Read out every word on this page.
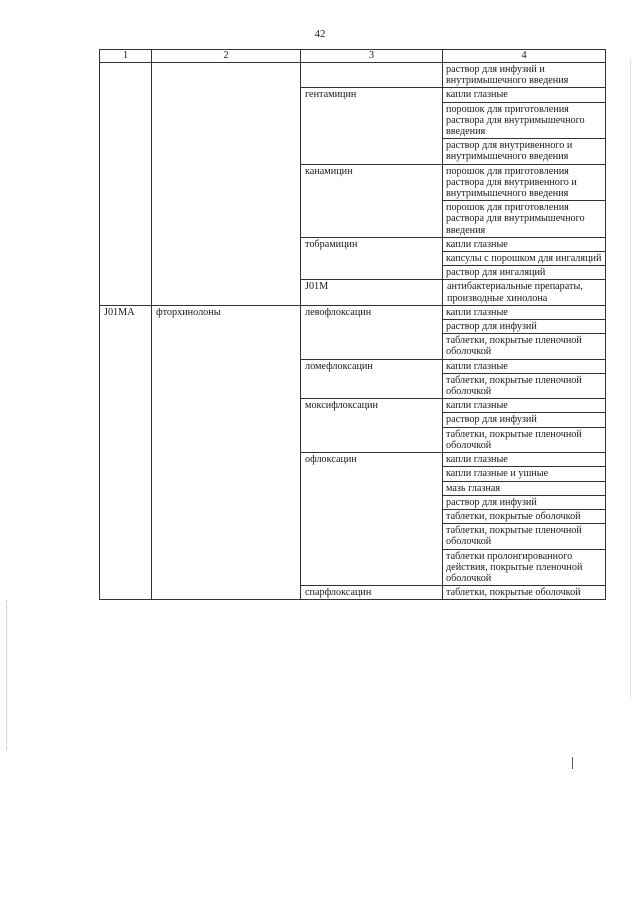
42
1	2	3	4	
			раствор для инфузий и внутримышечного введения	
		гентамицин	капли глазные	
			порошок для приготовления раствора для внутримышечного введения	
			раствор для внутривенного и внутримышечного введения	
		канамицин	порошок для приготовления раствора для внутривенного и внутримышечного введения	
			порошок для приготовления раствора для внутримышечного введения	
		тобрамицин	капли глазные	
			капсулы с порошком для ингаляций	
			раствор для ингаляций	
		J01M	антибактериальные препараты, производные хинолона		
J01MA	фторхинолоны	левофлоксацин	капли глазные	
			раствор для инфузий	
			таблетки, покрытые пленочной оболочкой	
		ломефлоксацин	капли глазные	
			таблетки, покрытые пленочной оболочкой	
		моксифлоксацин	капли глазные	
			раствор для инфузий	
			таблетки, покрытые пленочной оболочкой	
		офлоксацин	капли глазные	
			капли глазные и ушные	
			мазь глазная	
			раствор для инфузий	
			таблетки, покрытые оболочкой	
			таблетки, покрытые пленочной оболочкой	
			таблетки пролонгированного действия, покрытые пленочной оболочкой	
		спарфлоксацин	таблетки, покрытые оболочкой	
